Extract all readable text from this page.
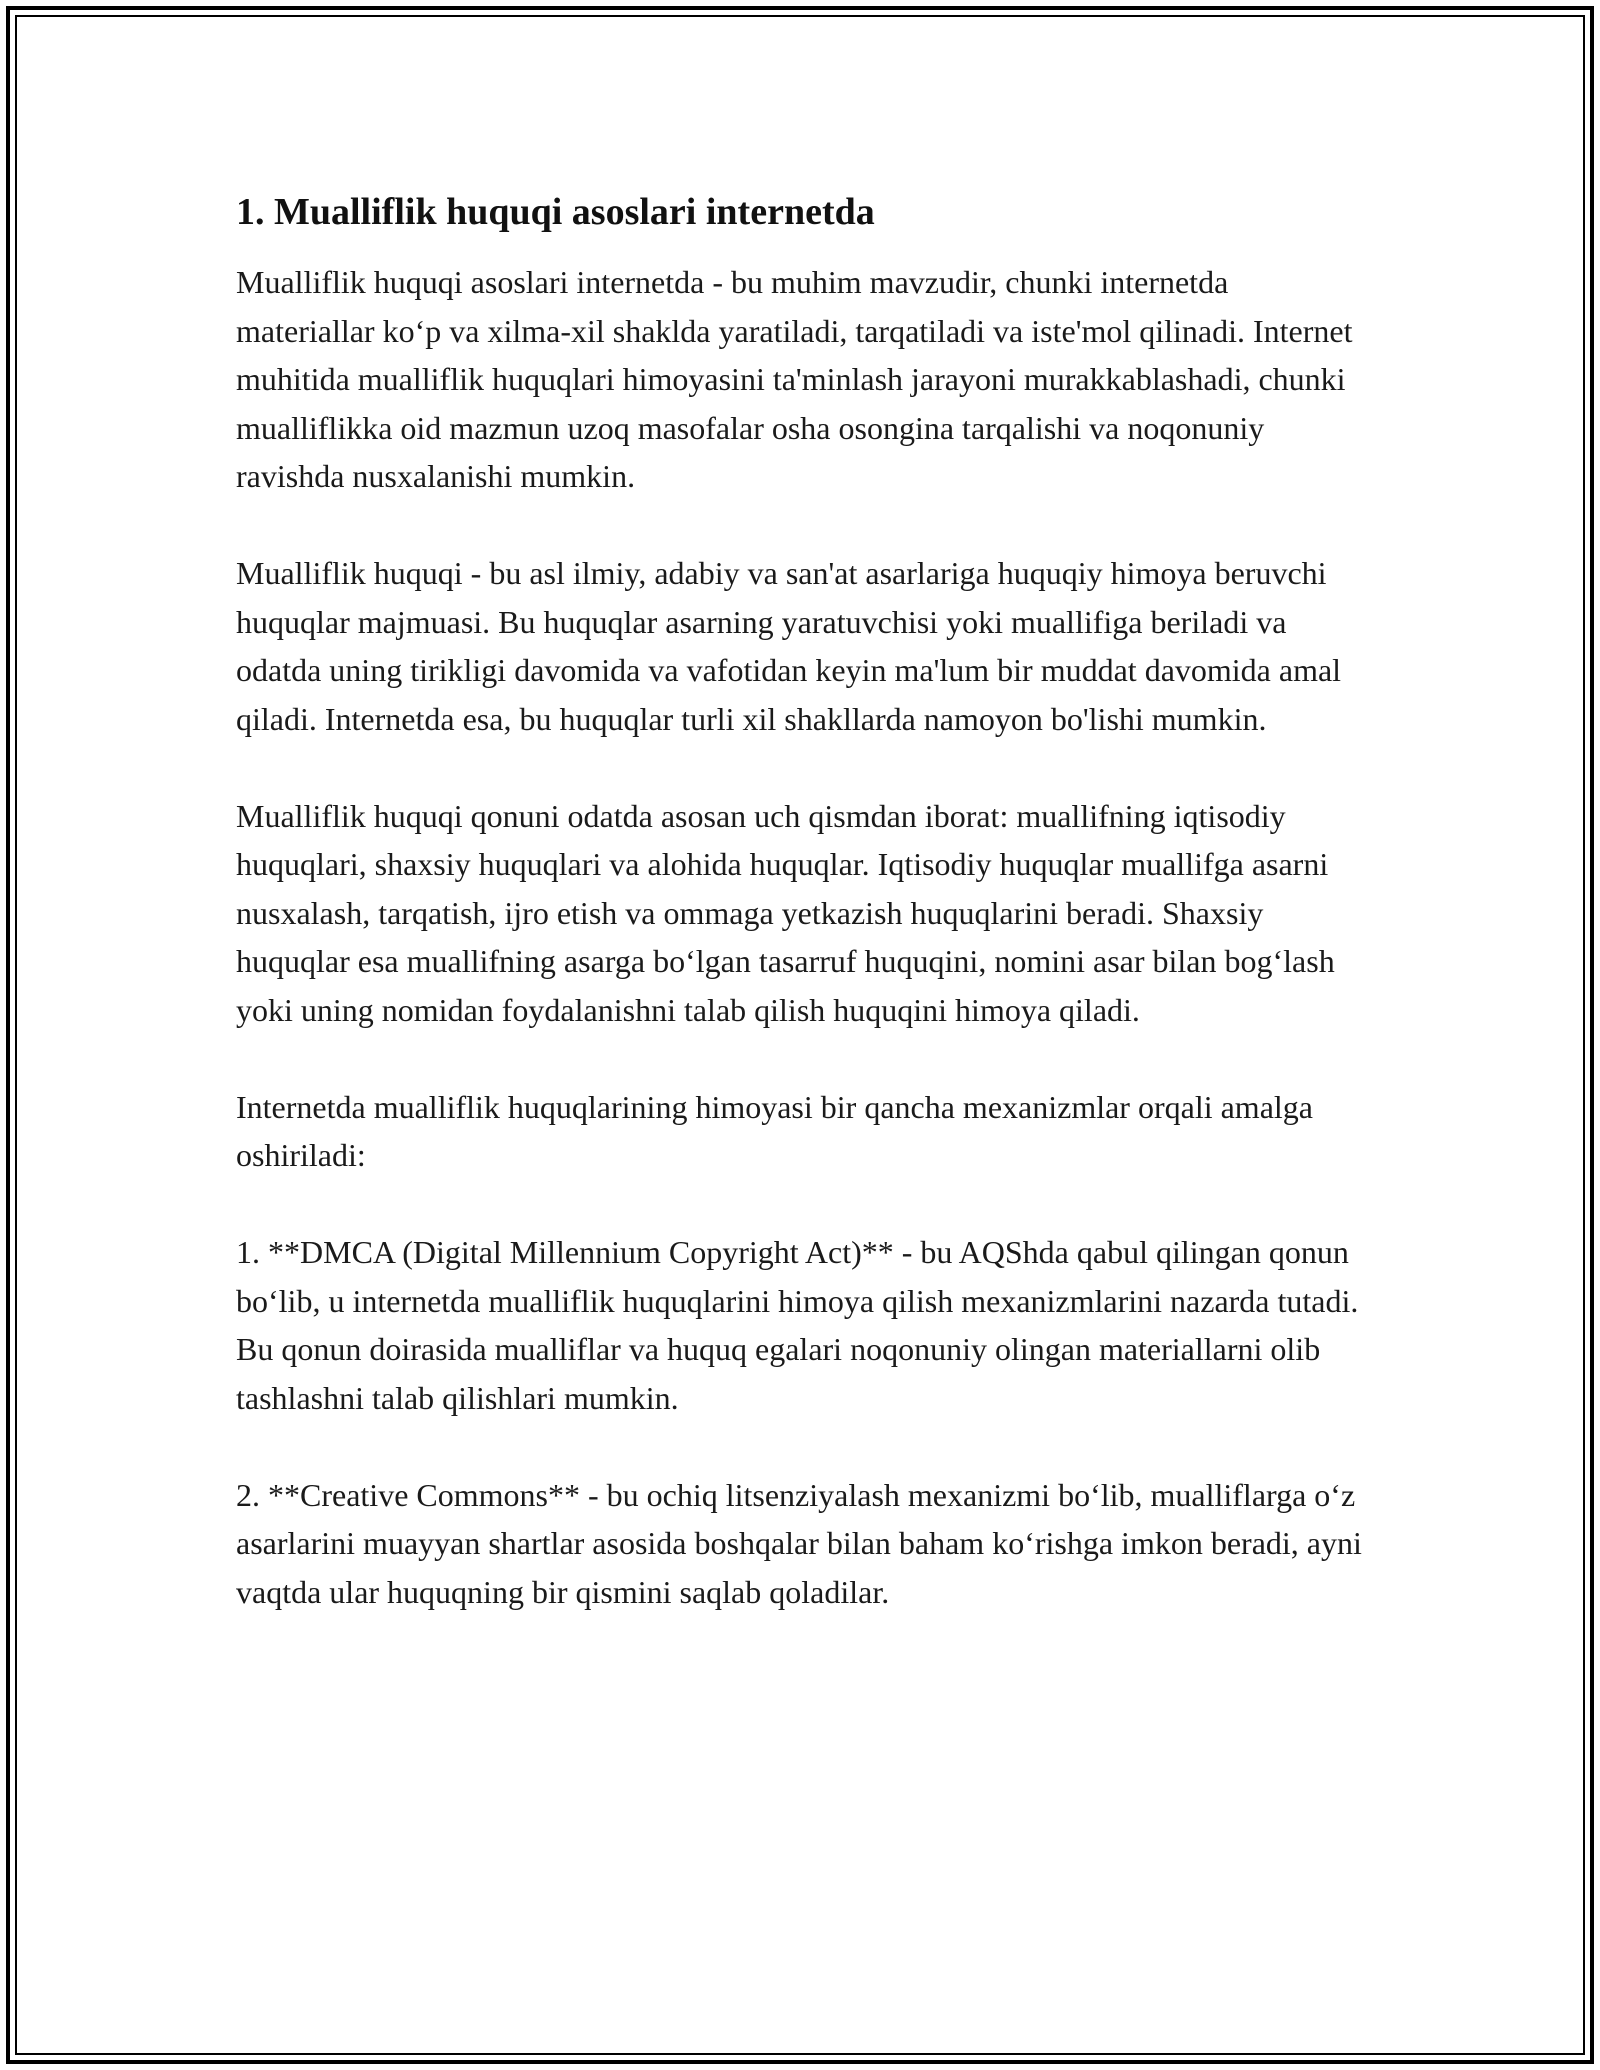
1. Mualliflik huquqi asoslari internetda

Mualliflik huquqi asoslari internetda - bu muhim mavzudir, chunki internetda materiallar ko‘p va xilma-xil shaklda yaratiladi, tarqatiladi va iste'mol qilinadi. Internet muhitida mualliflik huquqlari himoyasini ta'minlash jarayoni murakkablashadi, chunki mualliflikka oid mazmun uzoq masofalar osha osongina tarqalishi va noqonuniy ravishda nusxalanishi mumkin.

Mualliflik huquqi - bu asl ilmiy, adabiy va san'at asarlariga huquqiy himoya beruvchi huquqlar majmuasi. Bu huquqlar asarning yaratuvchisi yoki muallifiga beriladi va odatda uning tirikligi davomida va vafotidan keyin ma'lum bir muddat davomida amal qiladi. Internetda esa, bu huquqlar turli xil shakllarda namoyon bo'lishi mumkin.

Mualliflik huquqi qonuni odatda asosan uch qismdan iborat: muallifning iqtisodiy huquqlari, shaxsiy huquqlari va alohida huquqlar. Iqtisodiy huquqlar muallifga asarni nusxalash, tarqatish, ijro etish va ommaga yetkazish huquqlarini beradi. Shaxsiy huquqlar esa muallifning asarga bo‘lgan tasarruf huquqini, nomini asar bilan bog‘lash yoki uning nomidan foydalanishni talab qilish huquqini himoya qiladi.

Internetda mualliflik huquqlarining himoyasi bir qancha mexanizmlar orqali amalga oshiriladi:

1. **DMCA (Digital Millennium Copyright Act)** - bu AQShda qabul qilingan qonun bo‘lib, u internetda mualliflik huquqlarini himoya qilish mexanizmlarini nazarda tutadi. Bu qonun doirasida mualliflar va huquq egalari noqonuniy olingan materiallarni olib tashlashni talab qilishlari mumkin.

2. **Creative Commons** - bu ochiq litsenziyalash mexanizmi bo‘lib, mualliflarga o‘z asarlarini muayyan shartlar asosida boshqalar bilan baham ko‘rishga imkon beradi, ayni vaqtda ular huquqning bir qismini saqlab qoladilar.
